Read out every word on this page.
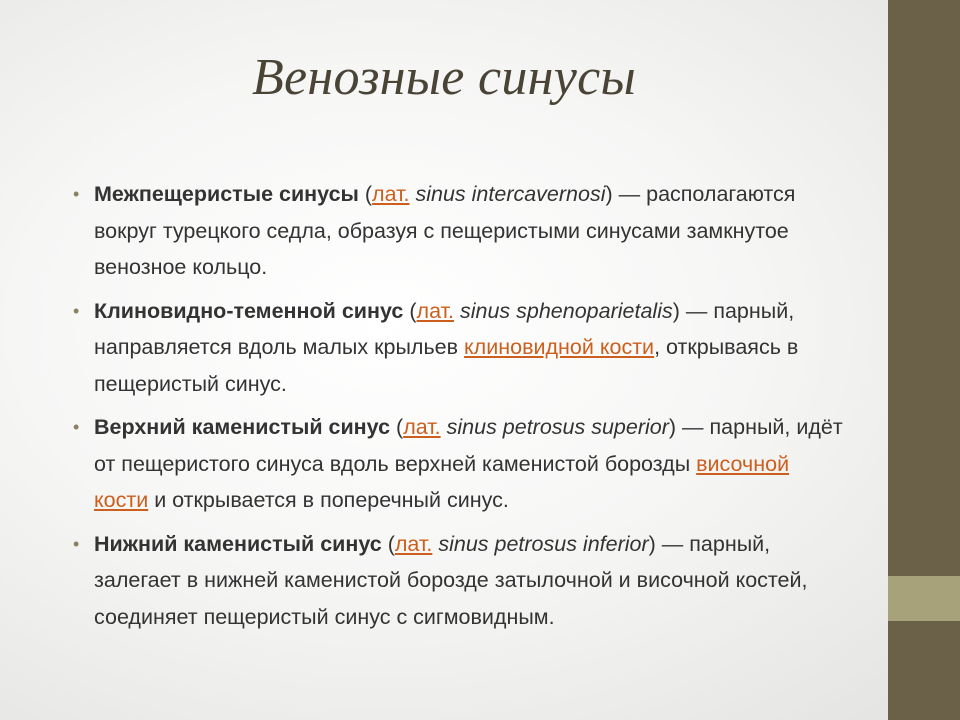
Венозные синусы
• Межпещеристые синусы (лат. sinus intercavernosi) — располагаются вокруг турецкого седла, образуя с пещеристыми синусами замкнутое венозное кольцо.
• Клиновидно-теменной синус (лат. sinus sphenoparietalis) — парный, направляется вдоль малых крыльев клиновидной кости, открываясь в пещеристый синус.
• Верхний каменистый синус (лат. sinus petrosus superior) — парный, идёт от пещеристого синуса вдоль верхней каменистой борозды височной кости и открывается в поперечный синус.
• Нижний каменистый синус (лат. sinus petrosus inferior) — парный, залегает в нижней каменистой борозде затылочной и височной костей, соединяет пещеристый синус с сигмовидным.
